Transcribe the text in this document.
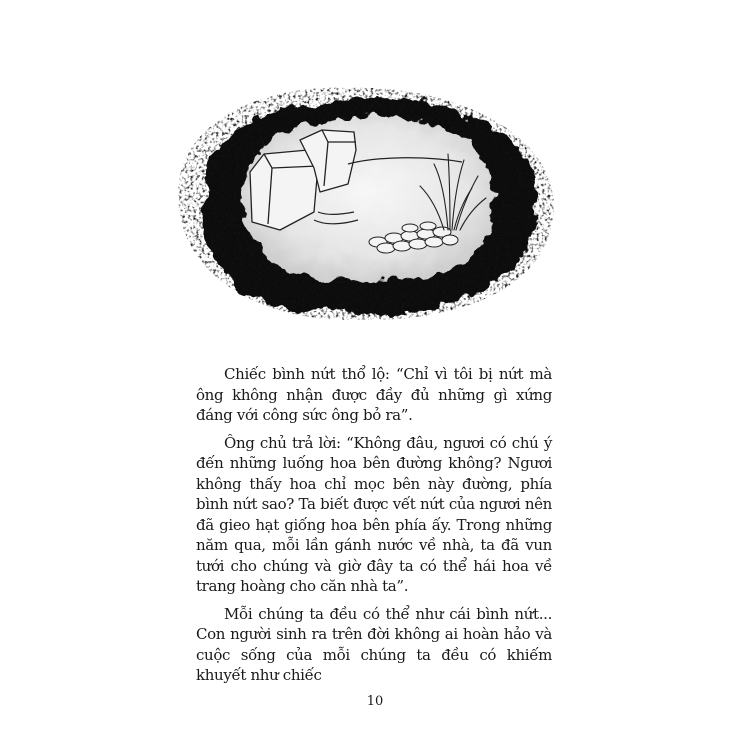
Chiếc bình nứt thổ lộ: “Chỉ vì tôi bị nứt mà ông không nhận được đầy đủ những gì xứng đáng với công sức ông bỏ ra”.

Ông chủ trả lời: “Không đâu, ngươi có chú ý đến những luống hoa bên đường không? Ngươi không thấy hoa chỉ mọc bên này đường, phía bình nứt sao? Ta biết được vết nứt của ngươi nên đã gieo hạt giống hoa bên phía ấy. Trong những năm qua, mỗi lần gánh nước về nhà, ta đã vun tưới cho chúng và giờ đây ta có thể hái hoa về trang hoàng cho căn nhà ta”.

Mỗi chúng ta đều có thể như cái bình nứt... Con người sinh ra trên đời không ai hoàn hảo và cuộc sống của mỗi chúng ta đều có khiếm khuyết như chiếc

10
